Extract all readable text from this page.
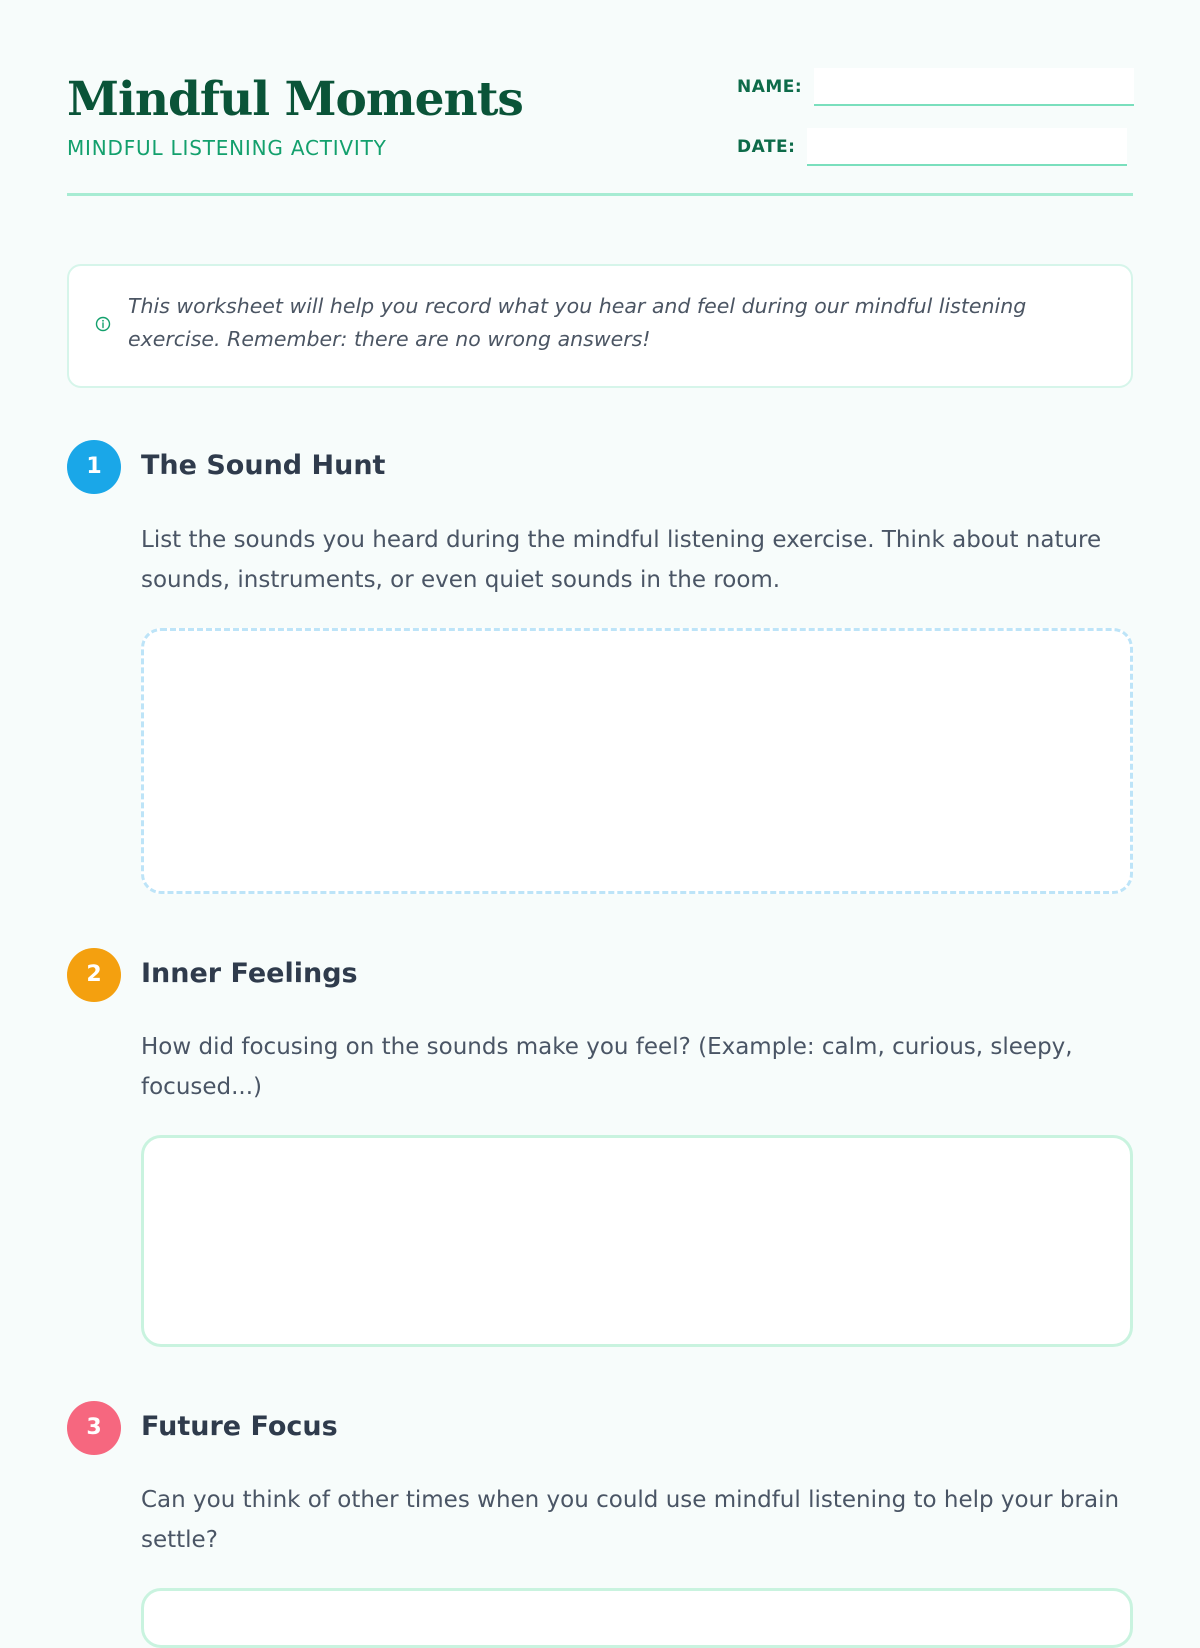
Mindful Moments
MINDFUL LISTENING ACTIVITY
NAME:
DATE:
This worksheet will help you record what you hear and feel during our mindful listening exercise. Remember: there are no wrong answers!
1	The Sound Hunt
List the sounds you heard during the mindful listening exercise. Think about nature sounds, instruments, or even quiet sounds in the room.
2	Inner Feelings
How did focusing on the sounds make you feel? (Example: calm, curious, sleepy, focused...)
3	Future Focus
Can you think of other times when you could use mindful listening to help your brain settle?
